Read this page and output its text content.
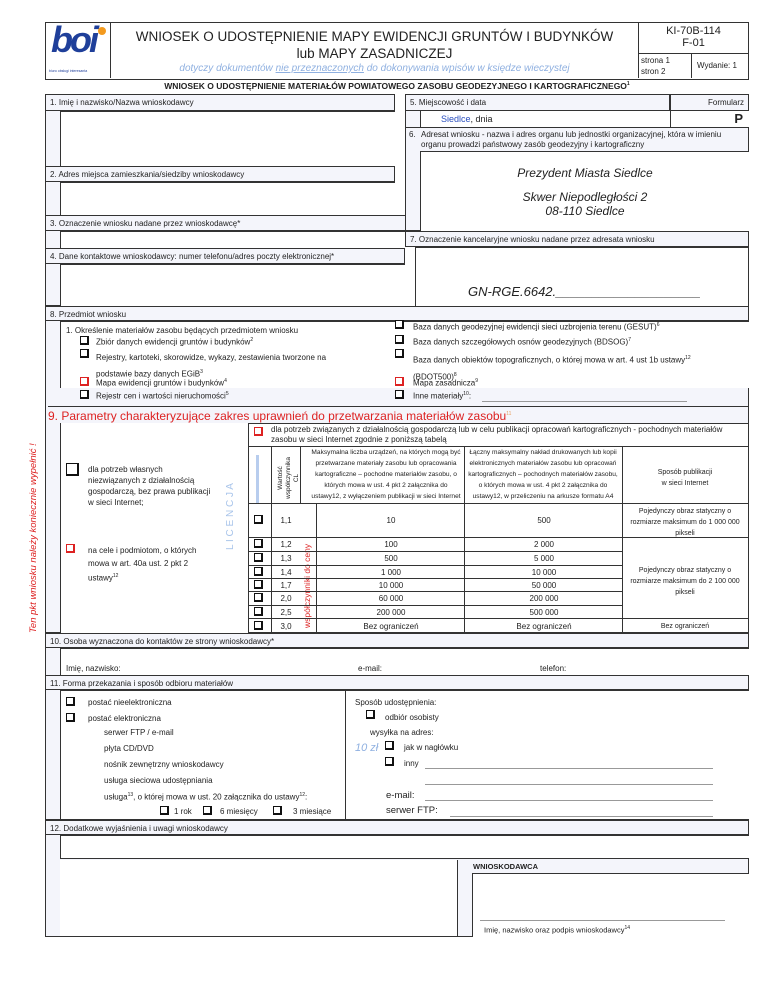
boi
biuro obsługi interesanta
WNIOSEK O UDOSTĘPNIENIE MAPY EWIDENCJI GRUNTÓW I BUDYNKÓW
lub MAPY ZASADNICZEJ
dotyczy dokumentów nie przeznaczonych do dokonywania wpisów w księdze wieczystej
KI-70B-114
F-01
strona 1
stron 2
Wydanie: 1
WNIOSEK O UDOSTĘPNIENIE MATERIAŁÓW POWIATOWEGO ZASOBU GEODEZYJNEGO I KARTOGRAFICZNEGO$^1$
1. Imię i nazwisko/Nazwa wnioskodawcy
2. Adres miejsca zamieszkania/siedziby wnioskodawcy
3. Oznaczenie wniosku nadane przez wnioskodawcę*
4. Dane kontaktowe wnioskodawcy: numer telefonu/adres poczty elektronicznej*
5. Miejscowość i data	Formularz
Siedlce, dnia	P
6. Adresat wniosku - nazwa i adres organu lub jednostki organizacyjnej, która w imieniu organu prowadzi państwowy zasób geodezyjny i kartograficzny
Prezydent Miasta Siedlce
Skwer Niepodległości 2
08-110 Siedlce
7. Oznaczenie kancelaryjne wniosku nadane przez adresata wniosku
GN-RGE.6642.____________________
8. Przedmiot wniosku
1. Określenie materiałów zasobu będących przedmiotem wniosku
Zbiór danych ewidencji gruntów i budynków$^2$
Rejestry, kartoteki, skorowidze, wykazy, zestawienia tworzone na
podstawie bazy danych EGiB$^3$
Mapa ewidencji gruntów i budynków$^4$
Rejestr cen i wartości nieruchomości$^5$
Baza danych geodezyjnej ewidencji sieci uzbrojenia terenu (GESUT)$^6$
Baza danych szczegółowych osnów geodezyjnych (BDSOG)$^7$
Baza danych obiektów topograficznych, o której mowa w art. 4 ust 1b ustawy$^{12}$
(BDOT500)$^8$
Mapa zasadnicza$^9$
Inne materiały$^{10}$:
9. Parametry charakteryzujące zakres uprawnień do przetwarzania materiałów zasobu$^{11}$
Ten pkt wniosku należy koniecznie wypełnić !	dla potrzeb własnych niezwiązanych z działalnością gospodarczą, bez prawa publikacji w sieci Internet;
na cele i podmiotom, o których mowa w art. 40a ust. 2 pkt 2 ustawy$^{12}$
L I C E N C J A
dla potrzeb związanych z działalnością gospodarczą lub w celu publikacji opracowań kartograficznych - pochodnych materiałów zasobu w sieci Internet zgodnie z poniższą tabelą
Wartość współczynnika CL
Maksymalna liczba urządzeń, na których mogą być przetwarzane materiały zasobu lub opracowania kartograficzne – pochodne materiałów zasobu, o których mowa w ust. 4 pkt 2 załącznika do ustawy12, z wyłączeniem publikacji w sieci Internet
Łączny maksymalny nakład drukowanych lub kopii elektronicznych materiałów zasobu lub opracowań kartograficznych – pochodnych materiałów zasobu, o których mowa w ust. 4 pkt 2 załącznika do ustawy12, w przeliczeniu na arkusze formatu A4
Sposób publikacji w sieci Internet
współczynniki do ceny
1,1	10	500
1,2	100	2 000
1,3	500	5 000
1,4	1 000	10 000
1,7	10 000	50 000
2,0	60 000	200 000
2,5	200 000	500 000
3,0	Bez ograniczeń	Bez ograniczeń
Pojedynczy obraz statyczny o rozmiarze maksimum do 1 000 000 pikseli
Pojedynczy obraz statyczny o rozmiarze maksimum do 2 100 000 pikseli
Bez ograniczeń
10. Osoba wyznaczona do kontaktów ze strony wnioskodawcy*
Imię, nazwisko:	e-mail:	telefon:
11. Forma przekazania i sposób odbioru materiałów
postać nieelektroniczna
postać elektroniczna
serwer FTP / e-mail
płyta CD/DVD
nośnik zewnętrzny wnioskodawcy
usługa sieciowa udostępniania
usługa$^{13}$, o której mowa w ust. 20 załącznika do ustawy$^{12}$:
1 rok	6 miesięcy	3 miesiące
Sposób udostępnienia:
odbiór osobisty
wysyłka na adres:
10 zł	jak w nagłówku
inny
e-mail:
serwer FTP:
12. Dodatkowe wyjaśnienia i uwagi wnioskodawcy
WNIOSKODAWCA
Imię, nazwisko oraz podpis wnioskodawcy$^{14}$
